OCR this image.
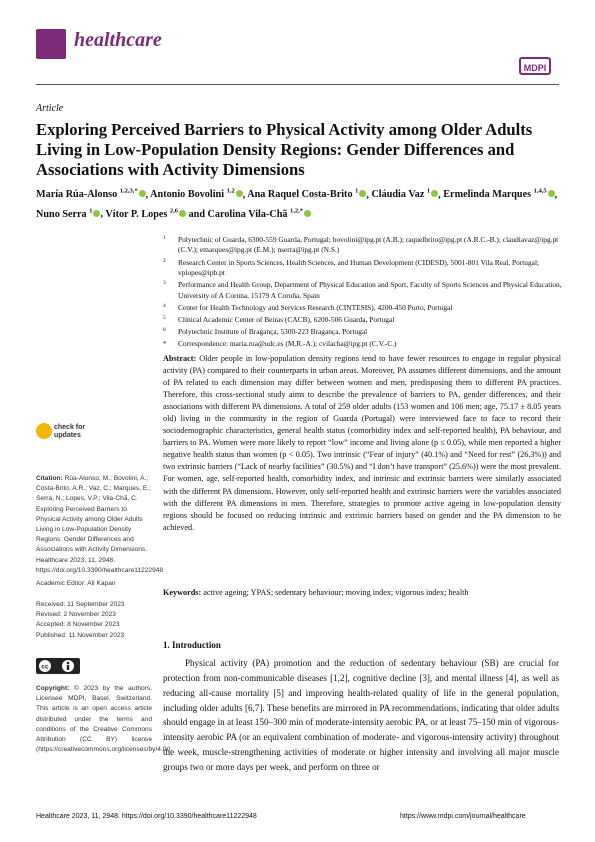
healthcare
MDPI
Article
Exploring Perceived Barriers to Physical Activity among Older Adults Living in Low-Population Density Regions: Gender Differences and Associations with Activity Dimensions
María Rúa-Alonso $^{1,2,3,*}$ , Antonio Bovolini $^{1,2}$ , Ana Raquel Costa-Brito $^1$ , Cláudia Vaz $^1$ , Ermelinda Marques $^{1,4,5}$ , Nuno Serra $^1$ , Vítor P. Lopes $^{2,6}$ and Carolina Vila-Chã $^{1,2,*}$
1 Polytechnic of Guarda, 6300-559 Guarda, Portugal; bovolini@ipg.pt (A.B.); raquelbrito@ipg.pt (A.R.C.-B.); claudiavaz@ipg.pt (C.V.); emarques@ipg.pt (E.M.); nserra@ipg.pt (N.S.)
2 Research Center in Sports Sciences, Health Sciences, and Human Development (CIDESD), 5001-801 Vila Real, Portugal; vplopes@ipb.pt
3 Performance and Health Group, Department of Physical Education and Sport, Faculty of Sports Sciences and Physical Education, University of A Coruna, 15179 A Coruña, Spain
4 Center for Health Technology and Services Research (CINTESIS), 4200-450 Porto, Portugal
5 Clinical Academic Center of Beiras (CACB), 6200-506 Guarda, Portugal
6 Polytechnic Institute of Bragança, 5300-223 Bragança, Portugal
* Correspondence: maria.rua@udc.es (M.R.-A.); cvilacha@ipg.pt (C.V.-C.)
Abstract: Older people in low-population density regions tend to have fewer resources to engage in regular physical activity (PA) compared to their counterparts in urban areas. Moreover, PA assumes different dimensions, and the amount of PA related to each dimension may differ between women and men, predisposing them to different PA practices. Therefore, this cross-sectional study aims to describe the prevalence of barriers to PA, gender differences, and their associations with different PA dimensions. A total of 259 older adults (153 women and 106 men; age, 75.17 ± 8.05 years old) living in the community in the region of Guarda (Portugal) were interviewed face to face to record their sociodemographic characteristics, general health status (comorbidity index and self-reported health), PA behaviour, and barriers to PA. Women were more likely to report “low” income and living alone (p ≤ 0.05), while men reported a higher negative health status than women (p < 0.05). Two intrinsic (“Fear of injury” (40.1%) and “Need for rest” (26.3%)) and two extrinsic barriers (“Lack of nearby facilities” (30.5%) and “I don’t have transport” (25.6%)) were the most prevalent. For women, age, self-reported health, comorbidity index, and intrinsic and extrinsic barriers were similarly associated with the different PA dimensions. However, only self-reported health and extrinsic barriers were the variables associated with the different PA dimensions in men. Therefore, strategies to promote active ageing in low-population density regions should be focused on reducing intrinsic and extrinsic barriers based on gender and the PA dimension to be achieved.
Keywords: active ageing; YPAS; sedentary behaviour; moving index; vigorous index; health
1. Introduction
Physical activity (PA) promotion and the reduction of sedentary behaviour (SB) are crucial for protection from non-communicable diseases [1,2], cognitive decline [3], and mental illness [4], as well as reducing all-cause mortality [5] and improving health-related quality of life in the general population, including older adults [6,7]. These benefits are mirrored in PA recommendations, indicating that older adults should engage in at least 150–300 min of moderate-intensity aerobic PA, or at least 75–150 min of vigorous-intensity aerobic PA (or an equivalent combination of moderate- and vigorous-intensity activity) throughout the week, muscle-strengthening activities of moderate or higher intensity and involving all major muscle groups two or more days per week, and perform on three or
check for
updates
Citation: Rúa-Alonso, M.; Bovolini, A.; Costa-Brito, A.R.; Vaz, C.; Marques, E.; Serra, N.; Lopes, V.P.; Vila-Chã, C. Exploring Perceived Barriers to Physical Activity among Older Adults Living in Low-Population Density Regions: Gender Differences and Associations with Activity Dimensions. Healthcare 2023, 11, 2948. https://doi.org/10.3390/healthcare11222948
Academic Editor: Ali Kapan
Received: 11 September 2023
Revised: 2 November 2023
Accepted: 8 November 2023
Published: 11 November 2023
cc
Copyright: © 2023 by the authors. Licensee MDPI, Basel, Switzerland. This article is an open access article distributed under the terms and conditions of the Creative Commons Attribution (CC BY) license (https://creativecommons.org/licenses/by/4.0/).
Healthcare 2023, 11, 2948. https://doi.org/10.3390/healthcare11222948	https://www.mdpi.com/journal/healthcare
